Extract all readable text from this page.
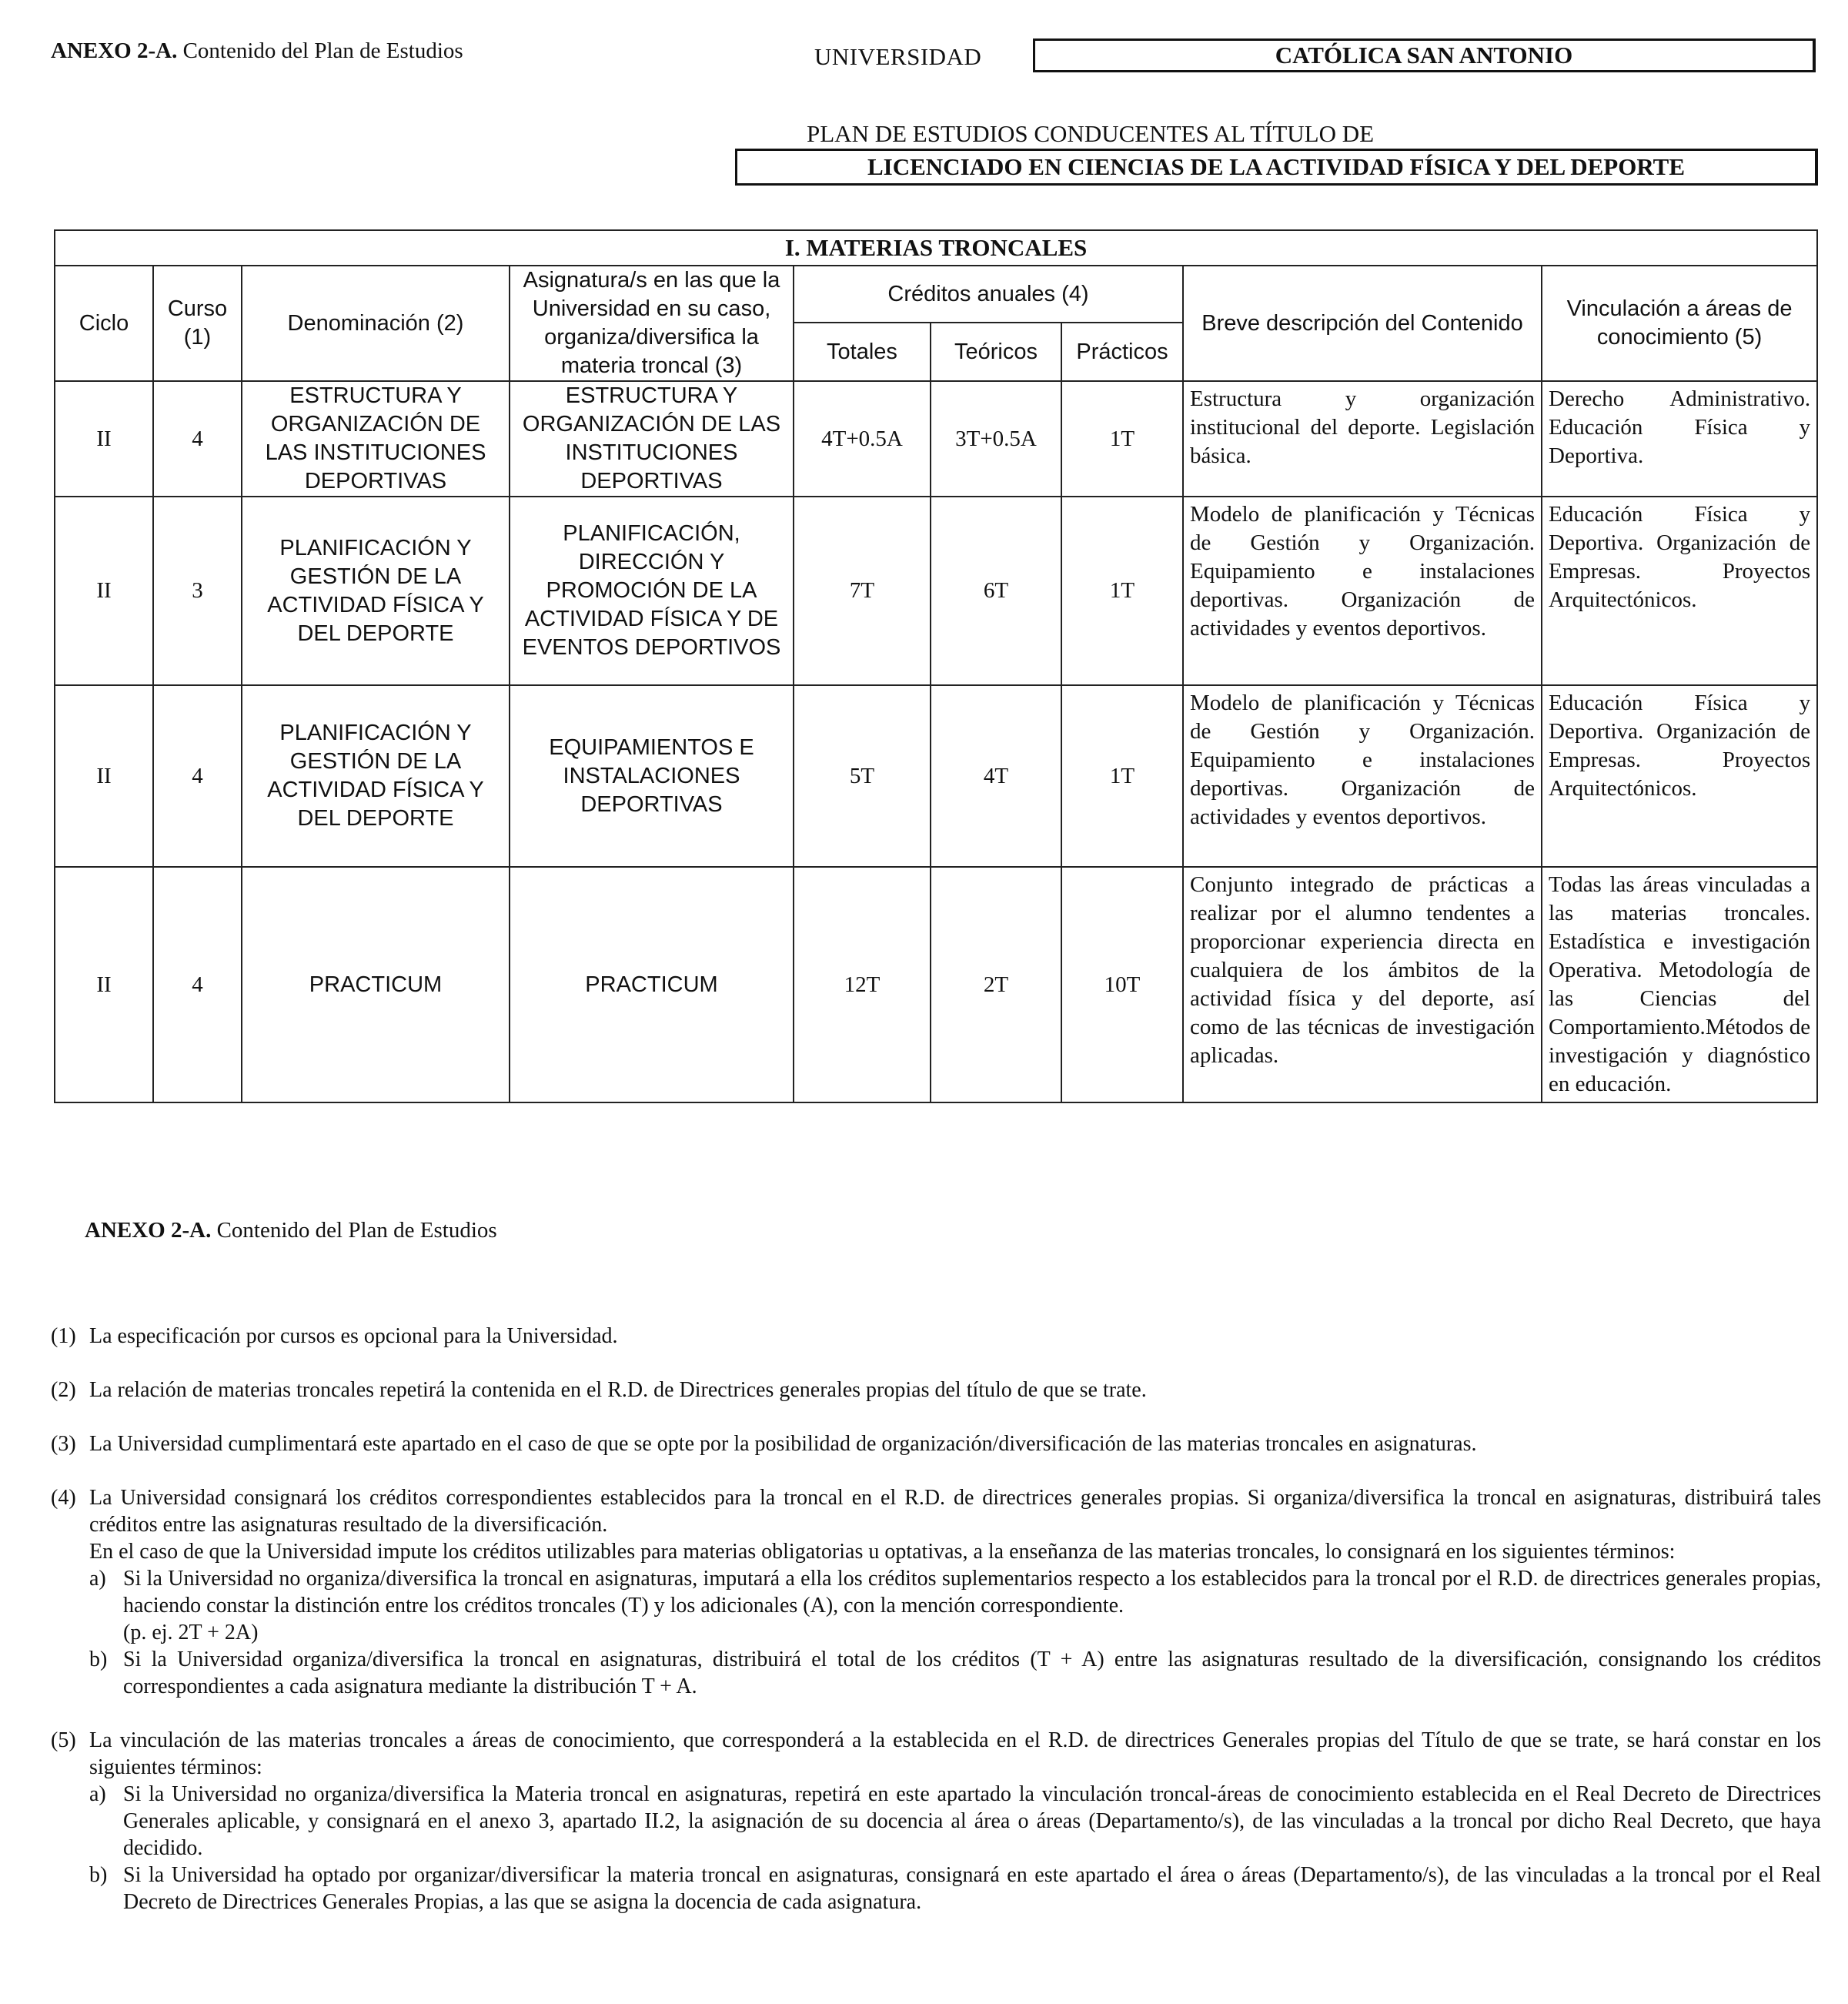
ANEXO 2-A. Contenido del Plan de Estudios	UNIVERSIDAD	CATÓLICA SAN ANTONIO
PLAN DE ESTUDIOS CONDUCENTES AL TÍTULO DE
LICENCIADO EN CIENCIAS DE LA ACTIVIDAD FÍSICA Y DEL DEPORTE
I. MATERIAS TRONCALES								
Ciclo	Curso (1)	Denominación (2)	Asignatura/s en las que la Universidad en su caso, organiza/diversifica la materia troncal (3)	Créditos anuales (4)			Breve descripción del Contenido	Vinculación a áreas de conocimiento (5)
				Totales	Teóricos	Prácticos		
II	4	ESTRUCTURA Y ORGANIZACIÓN DE LAS INSTITUCIONES DEPORTIVAS	ESTRUCTURA Y ORGANIZACIÓN DE LAS INSTITUCIONES DEPORTIVAS	4T+0.5A	3T+0.5A	1T	Estructura y organización institucional del deporte. Legislación básica.	Derecho Administrativo. Educación Física y Deportiva.
II	3	PLANIFICACIÓN Y GESTIÓN DE LA ACTIVIDAD FÍSICA Y DEL DEPORTE	PLANIFICACIÓN, DIRECCIÓN Y PROMOCIÓN DE LA ACTIVIDAD FÍSICA Y DE EVENTOS DEPORTIVOS	7T	6T	1T	Modelo de planificación y Técnicas de Gestión y Organización. Equipamiento e instalaciones deportivas. Organización de actividades y eventos deportivos.	Educación Física y Deportiva. Organización de Empresas. Proyectos Arquitectónicos.
II	4	PLANIFICACIÓN Y GESTIÓN DE LA ACTIVIDAD FÍSICA Y DEL DEPORTE	EQUIPAMIENTOS E INSTALACIONES DEPORTIVAS	5T	4T	1T	Modelo de planificación y Técnicas de Gestión y Organización. Equipamiento e instalaciones deportivas. Organización de actividades y eventos deportivos.	Educación Física y Deportiva. Organización de Empresas. Proyectos Arquitectónicos.
II	4	PRACTICUM	PRACTICUM	12T	2T	10T	Conjunto integrado de prácticas a realizar por el alumno tendentes a proporcionar experiencia directa en cualquiera de los ámbitos de la actividad física y del deporte, así como de las técnicas de investigación aplicadas.	Todas las áreas vinculadas a las materias troncales. Estadística e investigación Operativa. Metodología de las Ciencias del Comportamiento.Métodos de investigación y diagnóstico en educación.
ANEXO 2-A. Contenido del Plan de Estudios

(1) La especificación por cursos es opcional para la Universidad.

(2) La relación de materias troncales repetirá la contenida en el R.D. de Directrices generales propias del título de que se trate.

(3) La Universidad cumplimentará este apartado en el caso de que se opte por la posibilidad de organización/diversificación de las materias troncales en asignaturas.

(4) La Universidad consignará los créditos correspondientes establecidos para la troncal en el R.D. de directrices generales propias. Si organiza/diversifica la troncal en asignaturas, distribuirá tales créditos entre las asignaturas resultado de la diversificación.
En el caso de que la Universidad impute los créditos utilizables para materias obligatorias u optativas, a la enseñanza de las materias troncales, lo consignará en los siguientes términos:
a) Si la Universidad no organiza/diversifica la troncal en asignaturas, imputará a ella los créditos suplementarios respecto a los establecidos para la troncal por el R.D. de directrices generales propias, haciendo constar la distinción entre los créditos troncales (T) y los adicionales (A), con la mención correspondiente.
(p. ej. 2T + 2A)
b) Si la Universidad organiza/diversifica la troncal en asignaturas, distribuirá el total de los créditos (T + A) entre las asignaturas resultado de la diversificación, consignando los créditos correspondientes a cada asignatura mediante la distribución T + A.
(5) La vinculación de las materias troncales a áreas de conocimiento, que corresponderá a la establecida en el R.D. de directrices Generales propias del Título de que se trate, se hará constar en los siguientes términos:
a) Si la Universidad no organiza/diversifica la Materia troncal en asignaturas, repetirá en este apartado la vinculación troncal-áreas de conocimiento establecida en el Real Decreto de Directrices Generales aplicable, y consignará en el anexo 3, apartado II.2, la asignación de su docencia al área o áreas (Departamento/s), de las vinculadas a la troncal por dicho Real Decreto, que haya decidido.
b) Si la Universidad ha optado por organizar/diversificar la materia troncal en asignaturas, consignará en este apartado el área o áreas (Departamento/s), de las vinculadas a la troncal por el Real Decreto de Directrices Generales Propias, a las que se asigna la docencia de cada asignatura.
